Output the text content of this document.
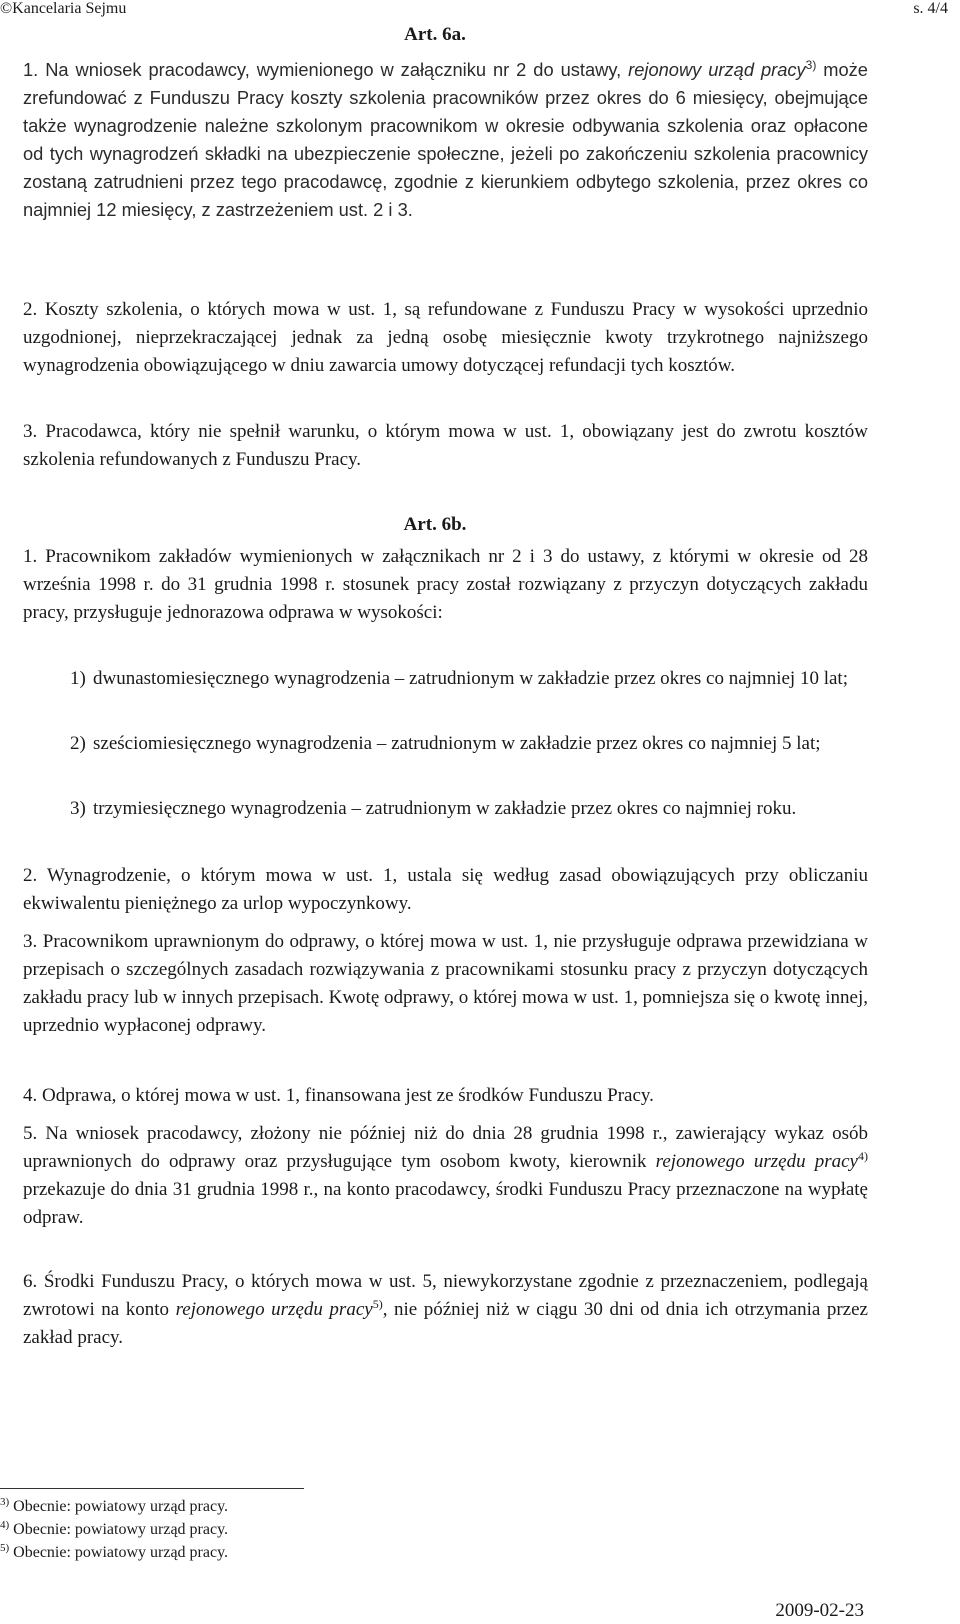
©Kancelaria Sejmu	s. 4/4
Art. 6a.
1. Na wniosek pracodawcy, wymienionego w załączniku nr 2 do ustawy, rejonowy urząd pracy$^{3)}$ może zrefundować z Funduszu Pracy koszty szkolenia pracowników przez okres do 6 miesięcy, obejmujące także wynagrodzenie należne szkolonym pracownikom w okresie odbywania szkolenia oraz opłacone od tych wynagrodzeń składki na ubezpieczenie społeczne, jeżeli po zakończeniu szkolenia pracownicy zostaną zatrudnieni przez tego pracodawcę, zgodnie z kierunkiem odbytego szkolenia, przez okres co najmniej 12 miesięcy, z zastrzeżeniem ust. 2 i 3.
2. Koszty szkolenia, o których mowa w ust. 1, są refundowane z Funduszu Pracy w wysokości uprzednio uzgodnionej, nieprzekraczającej jednak za jedną osobę miesięcznie kwoty trzykrotnego najniższego wynagrodzenia obowiązującego w dniu zawarcia umowy dotyczącej refundacji tych kosztów.
3. Pracodawca, który nie spełnił warunku, o którym mowa w ust. 1, obowiązany jest do zwrotu kosztów szkolenia refundowanych z Funduszu Pracy.
Art. 6b.
1. Pracownikom zakładów wymienionych w załącznikach nr 2 i 3 do ustawy, z którymi w okresie od 28 września 1998 r. do 31 grudnia 1998 r. stosunek pracy został rozwiązany z przyczyn dotyczących zakładu pracy, przysługuje jednorazowa odprawa w wysokości:
1) dwunastomiesięcznego wynagrodzenia – zatrudnionym w zakładzie przez okres co najmniej 10 lat;
2) sześciomiesięcznego wynagrodzenia – zatrudnionym w zakładzie przez okres co najmniej 5 lat;
3) trzymiesięcznego wynagrodzenia – zatrudnionym w zakładzie przez okres co najmniej roku.
2. Wynagrodzenie, o którym mowa w ust. 1, ustala się według zasad obowiązujących przy obliczaniu ekwiwalentu pieniężnego za urlop wypoczynkowy.
3. Pracownikom uprawnionym do odprawy, o której mowa w ust. 1, nie przysługuje odprawa przewidziana w przepisach o szczególnych zasadach rozwiązywania z pracownikami stosunku pracy z przyczyn dotyczących zakładu pracy lub w innych przepisach. Kwotę odprawy, o której mowa w ust. 1, pomniejsza się o kwotę innej, uprzednio wypłaconej odprawy.
4. Odprawa, o której mowa w ust. 1, finansowana jest ze środków Funduszu Pracy.
5. Na wniosek pracodawcy, złożony nie później niż do dnia 28 grudnia 1998 r., zawierający wykaz osób uprawnionych do odprawy oraz przysługujące tym osobom kwoty, kierownik rejonowego urzędu pracy$^{4)}$ przekazuje do dnia 31 grudnia 1998 r., na konto pracodawcy, środki Funduszu Pracy przeznaczone na wypłatę odpraw.
6. Środki Funduszu Pracy, o których mowa w ust. 5, niewykorzystane zgodnie z przeznaczeniem, podlegają zwrotowi na konto rejonowego urzędu pracy$^{5)}$, nie później niż w ciągu 30 dni od dnia ich otrzymania przez zakład pracy.
$^{3)}$ Obecnie: powiatowy urząd pracy.
$^{4)}$ Obecnie: powiatowy urząd pracy.
$^{5)}$ Obecnie: powiatowy urząd pracy.
2009-02-23
